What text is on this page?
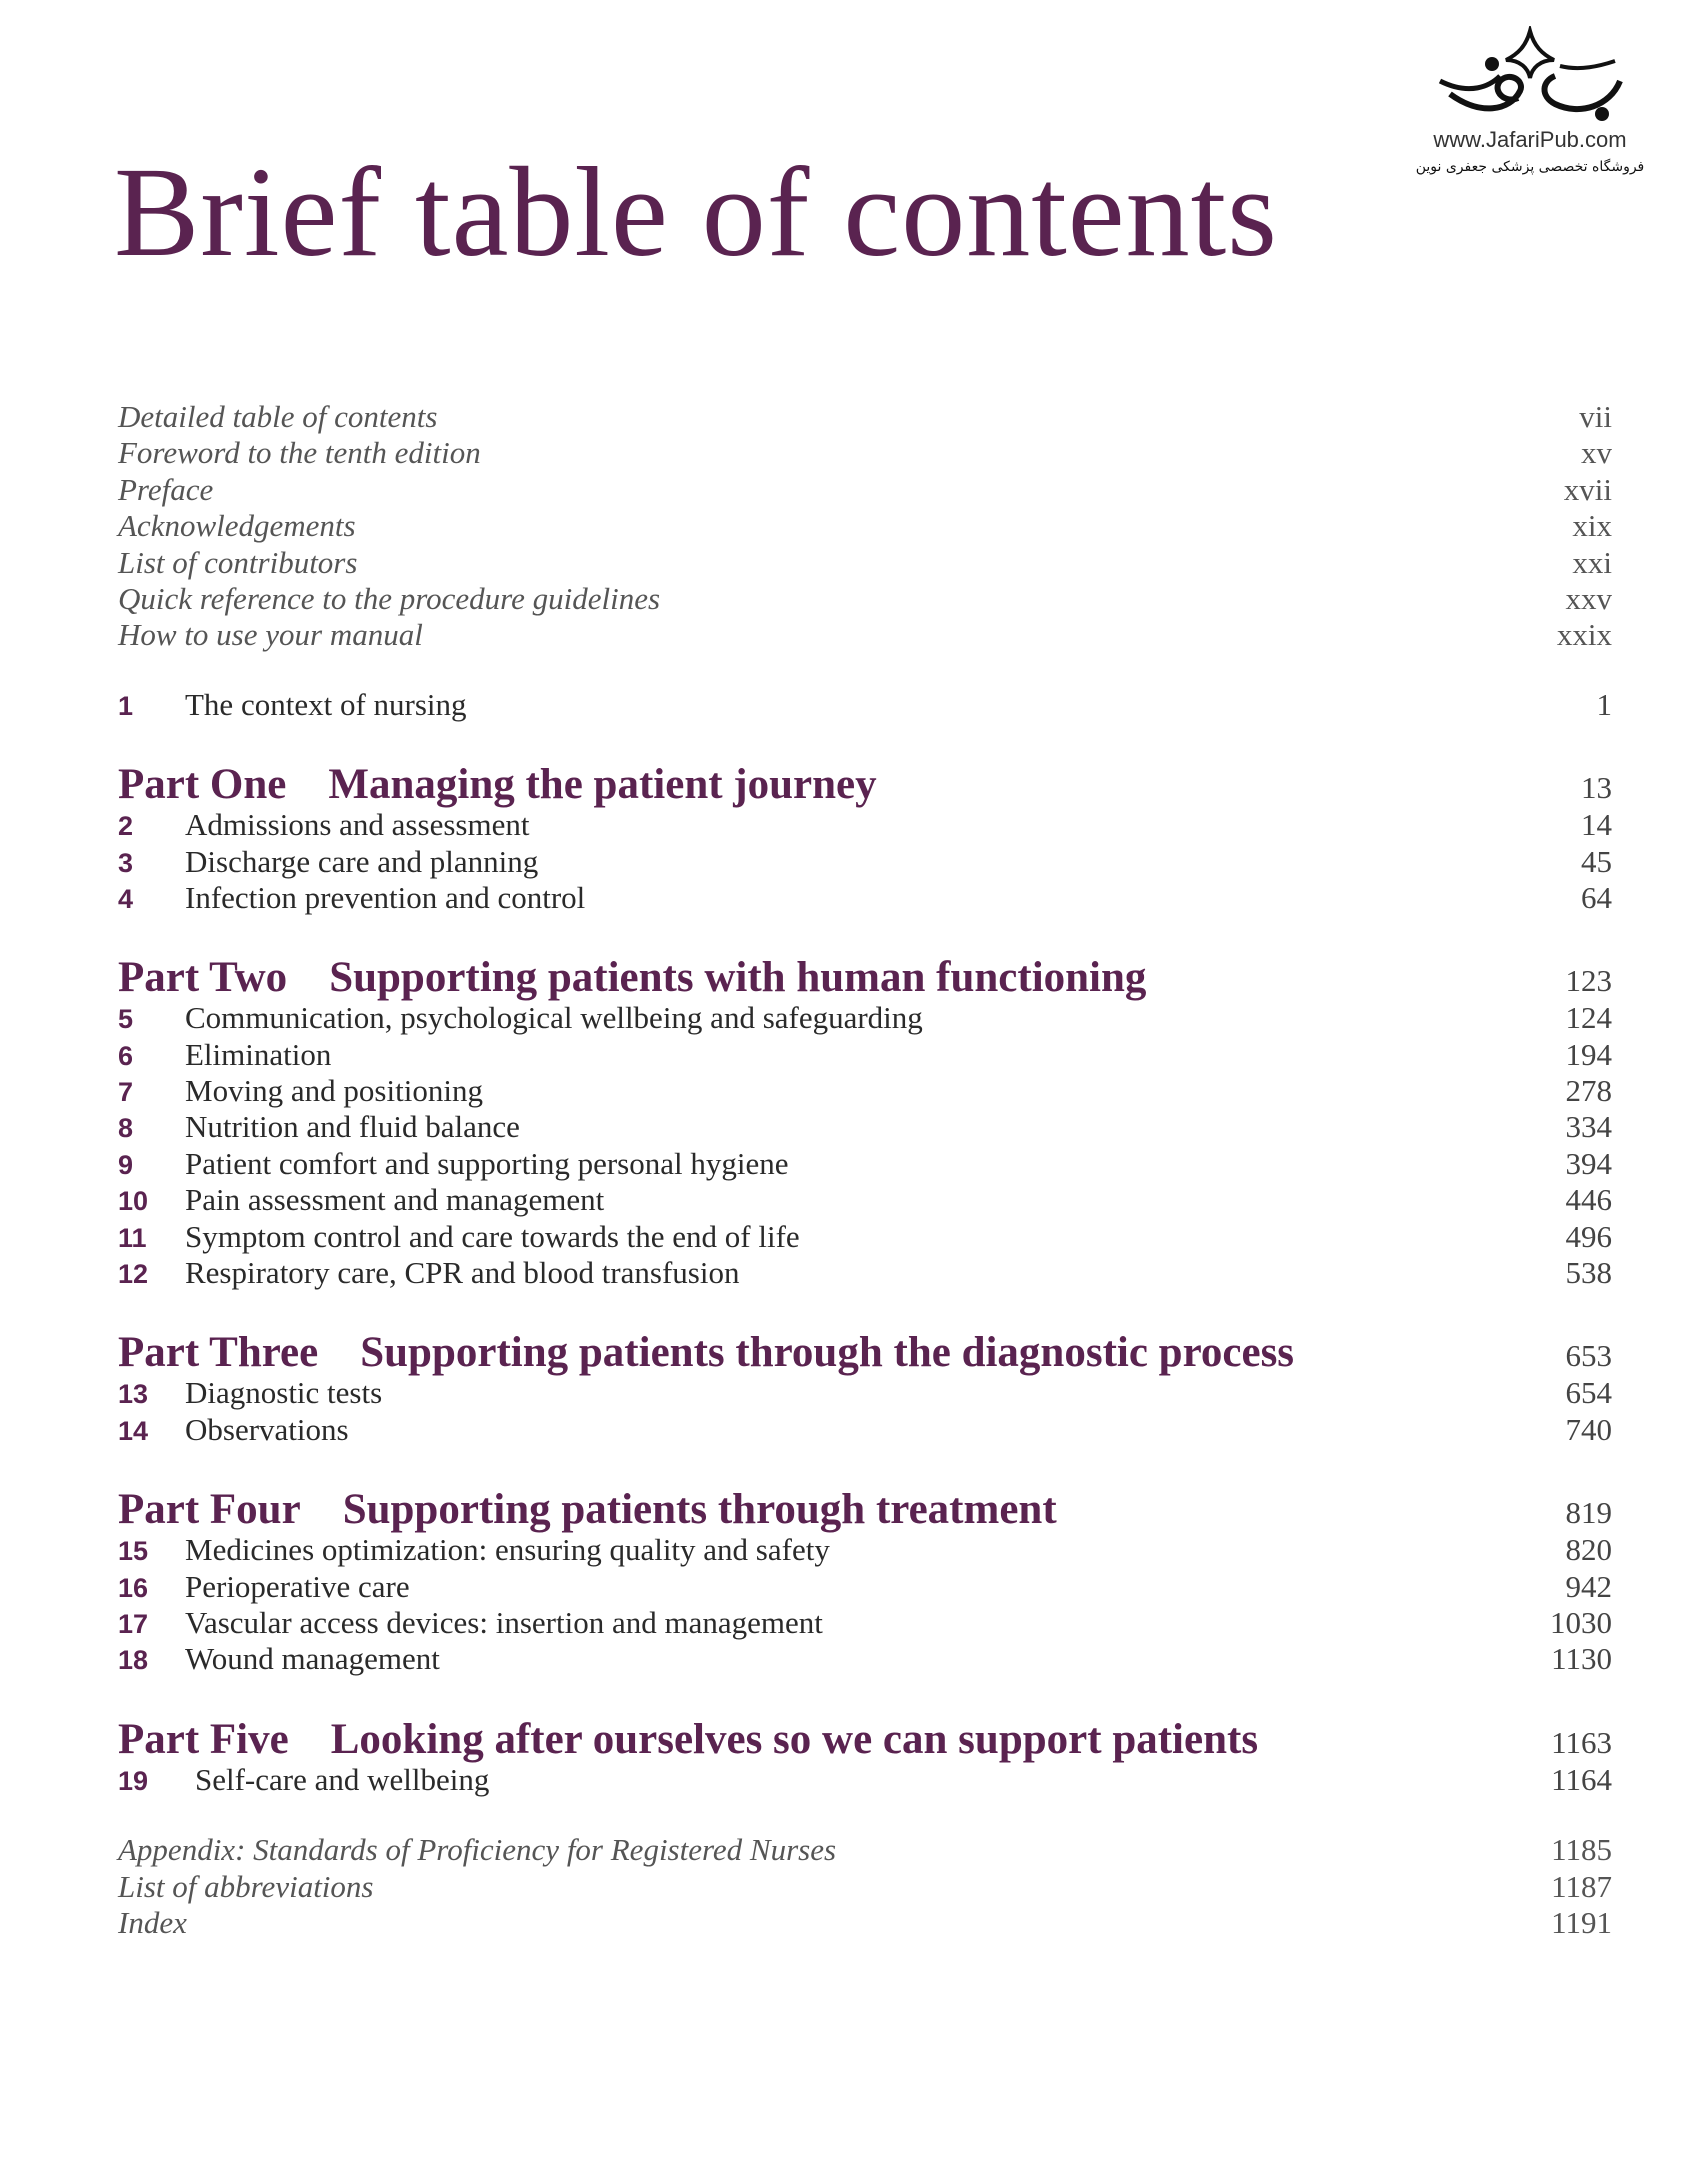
Brief table of contents
www.JafariPub.com
فروشگاه تخصصی پزشکی جعفری نوین
Detailed table of contents	vii
Foreword to the tenth edition	xv
Preface	xvii
Acknowledgements	xix
List of contributors	xxi
Quick reference to the procedure guidelines	xxv
How to use your manual	xxix
1	The context of nursing	1
Part One Managing the patient journey	13
2	Admissions and assessment	14
3	Discharge care and planning	45
4	Infection prevention and control	64
Part Two Supporting patients with human functioning	123
5	Communication, psychological wellbeing and safeguarding	124
6	Elimination	194
7	Moving and positioning	278
8	Nutrition and fluid balance	334
9	Patient comfort and supporting personal hygiene	394
10	Pain assessment and management	446
11	Symptom control and care towards the end of life	496
12	Respiratory care, CPR and blood transfusion	538
Part Three Supporting patients through the diagnostic process	653
13	Diagnostic tests	654
14	Observations	740
Part Four Supporting patients through treatment	819
15	Medicines optimization: ensuring quality and safety	820
16	Perioperative care	942
17	Vascular access devices: insertion and management	1030
18	Wound management	1130
Part Five Looking after ourselves so we can support patients	1163
19	Self-care and wellbeing	1164
Appendix: Standards of Proficiency for Registered Nurses	1185
List of abbreviations	1187
Index	1191
